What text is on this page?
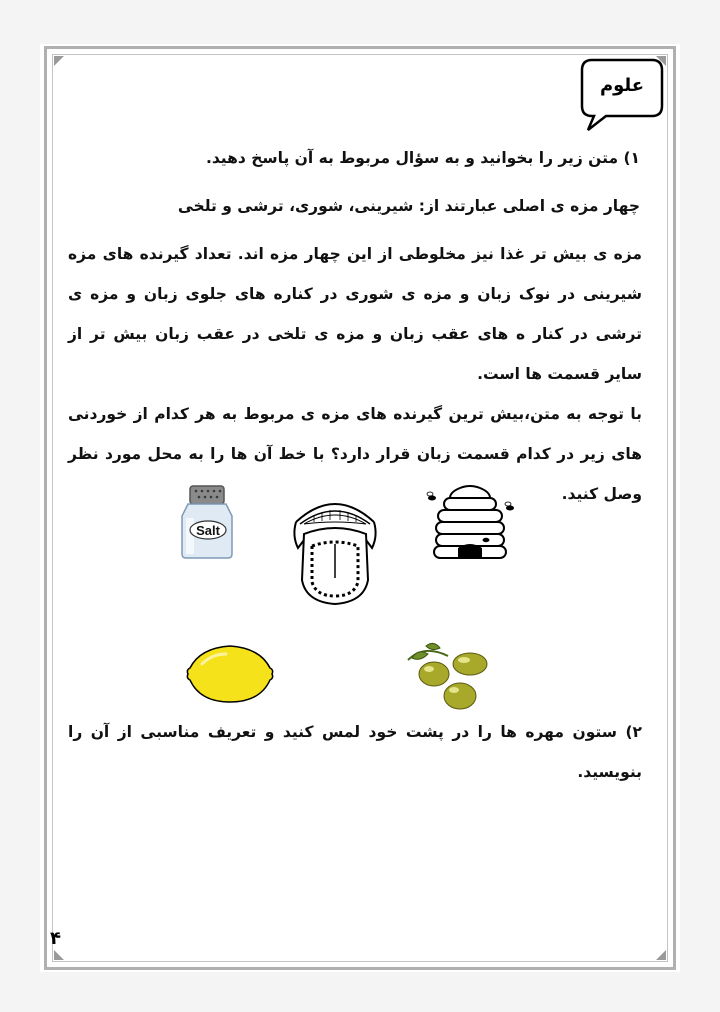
علوم

۱) متن زیر را بخوانید و به سؤال مربوط به آن پاسخ دهید.

چهار مزه ی اصلی عبارتند از: شیرینی، شوری، ترشی و تلخی

مزه ی بیش تر غذا نیز مخلوطی از این چهار مزه اند. تعداد گیرنده های مزه شیرینی در نوک زبان و مزه ی شوری در کناره های جلوی زبان و مزه ی ترشی در کنار ه های عقب زبان و مزه ی تلخی در عقب زبان بیش تر از سایر قسمت ها است.

با توجه به متن،بیش ترین گیرنده های مزه ی مربوط به هر کدام از خوردنی های زیر در کدام قسمت زبان قرار دارد؟ با خط آن ها را به محل مورد نظر وصل کنید.

Salt

۲) ستون مهره ها را در پشت خود لمس کنید و تعریف مناسبی از آن را بنویسید.

۴
